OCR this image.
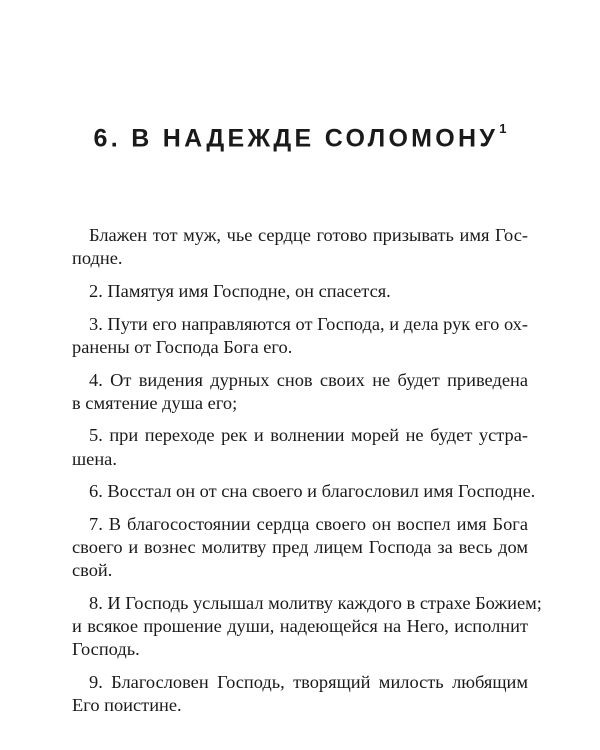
6. В НАДЕЖДЕ СОЛОМОНУ$^1$
Блажен тот муж, чье сердце готово призывать имя Гос-
подне.
2. Памятуя имя Господне, он спасется.
3. Пути его направляются от Господа, и дела рук его ох-
ранены от Господа Бога его.
4. От видения дурных снов своих не будет приведена
в смятение душа его;
5. при переходе рек и волнении морей не будет устра-
шена.
6. Восстал он от сна своего и благословил имя Господне.
7. В благосостоянии сердца своего он воспел имя Бога
своего и вознес молитву пред лицем Господа за весь дом
свой.
8. И Господь услышал молитву каждого в страхе Божием;
и всякое прошение души, надеющейся на Него, исполнит
Господь.
9. Благословен Господь, творящий милость любящим
Его поистине.
